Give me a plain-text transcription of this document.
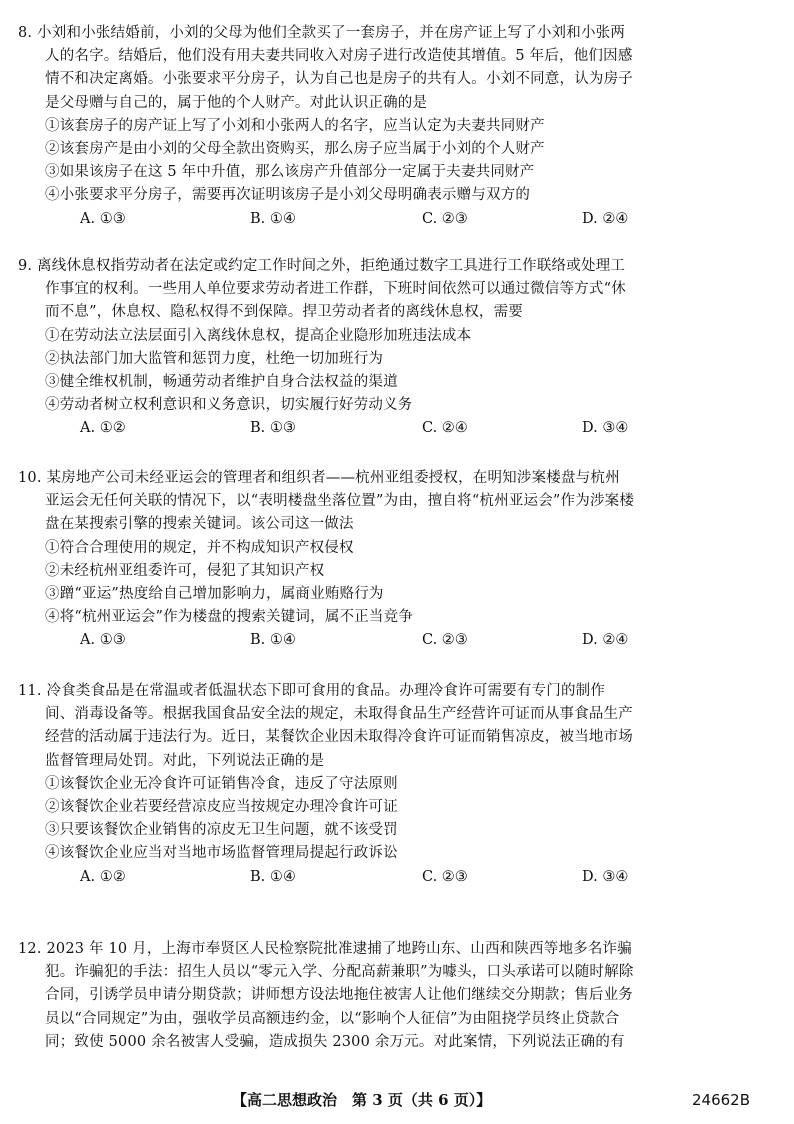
8. 小刘和小张结婚前，小刘的父母为他们全款买了一套房子，并在房产证上写了小刘和小张两
人的名字。结婚后，他们没有用夫妻共同收入对房子进行改造使其增值。5 年后，他们因感
情不和决定离婚。小张要求平分房子，认为自己也是房子的共有人。小刘不同意，认为房子
是父母赠与自己的，属于他的个人财产。对此认识正确的是
①该套房子的房产证上写了小刘和小张两人的名字，应当认定为夫妻共同财产
②该套房产是由小刘的父母全款出资购买，那么房子应当属于小刘的个人财产
③如果该房子在这 5 年中升值，那么该房产升值部分一定属于夫妻共同财产
④小张要求平分房子，需要再次证明该房子是小刘父母明确表示赠与双方的
A. ①③	B. ①④	C. ②③	D. ②④
9. 离线休息权指劳动者在法定或约定工作时间之外，拒绝通过数字工具进行工作联络或处理工
作事宜的权利。一些用人单位要求劳动者进工作群，下班时间依然可以通过微信等方式“休
而不息”，休息权、隐私权得不到保障。捍卫劳动者者的离线休息权，需要
①在劳动法立法层面引入离线休息权，提高企业隐形加班违法成本
②执法部门加大监管和惩罚力度，杜绝一切加班行为
③健全维权机制，畅通劳动者维护自身合法权益的渠道
④劳动者树立权利意识和义务意识，切实履行好劳动义务
A. ①②	B. ①③	C. ②④	D. ③④
10. 某房地产公司未经亚运会的管理者和组织者——杭州亚组委授权，在明知涉案楼盘与杭州
亚运会无任何关联的情况下，以“表明楼盘坐落位置”为由，擅自将“杭州亚运会”作为涉案楼
盘在某搜索引擎的搜索关键词。该公司这一做法
①符合合理使用的规定，并不构成知识产权侵权
②未经杭州亚组委许可，侵犯了其知识产权
③蹭“亚运”热度给自己增加影响力，属商业贿赂行为
④将“杭州亚运会”作为楼盘的搜索关键词，属不正当竞争
A. ①③	B. ①④	C. ②③	D. ②④
11. 冷食类食品是在常温或者低温状态下即可食用的食品。办理冷食许可需要有专门的制作
间、消毒设备等。根据我国食品安全法的规定，未取得食品生产经营许可证而从事食品生产
经营的活动属于违法行为。近日，某餐饮企业因未取得冷食许可证而销售凉皮，被当地市场
监督管理局处罚。对此，下列说法正确的是
①该餐饮企业无冷食许可证销售冷食，违反了守法原则
②该餐饮企业若要经营凉皮应当按规定办理冷食许可证
③只要该餐饮企业销售的凉皮无卫生问题，就不该受罚
④该餐饮企业应当对当地市场监督管理局提起行政诉讼
A. ①②	B. ①④	C. ②③	D. ③④
12. 2023 年 10 月，上海市奉贤区人民检察院批准逮捕了地跨山东、山西和陕西等地多名诈骗
犯。诈骗犯的手法：招生人员以“零元入学、分配高薪兼职”为噱头，口头承诺可以随时解除
合同，引诱学员申请分期贷款；讲师想方设法地拖住被害人让他们继续交分期款；售后业务
员以“合同规定”为由，强收学员高额违约金，以“影响个人征信”为由阻挠学员终止贷款合
同；致使 5000 余名被害人受骗，造成损失 2300 余万元。对此案情，下列说法正确的有
【高二思想政治　第 3 页（共 6 页）】	24662B
